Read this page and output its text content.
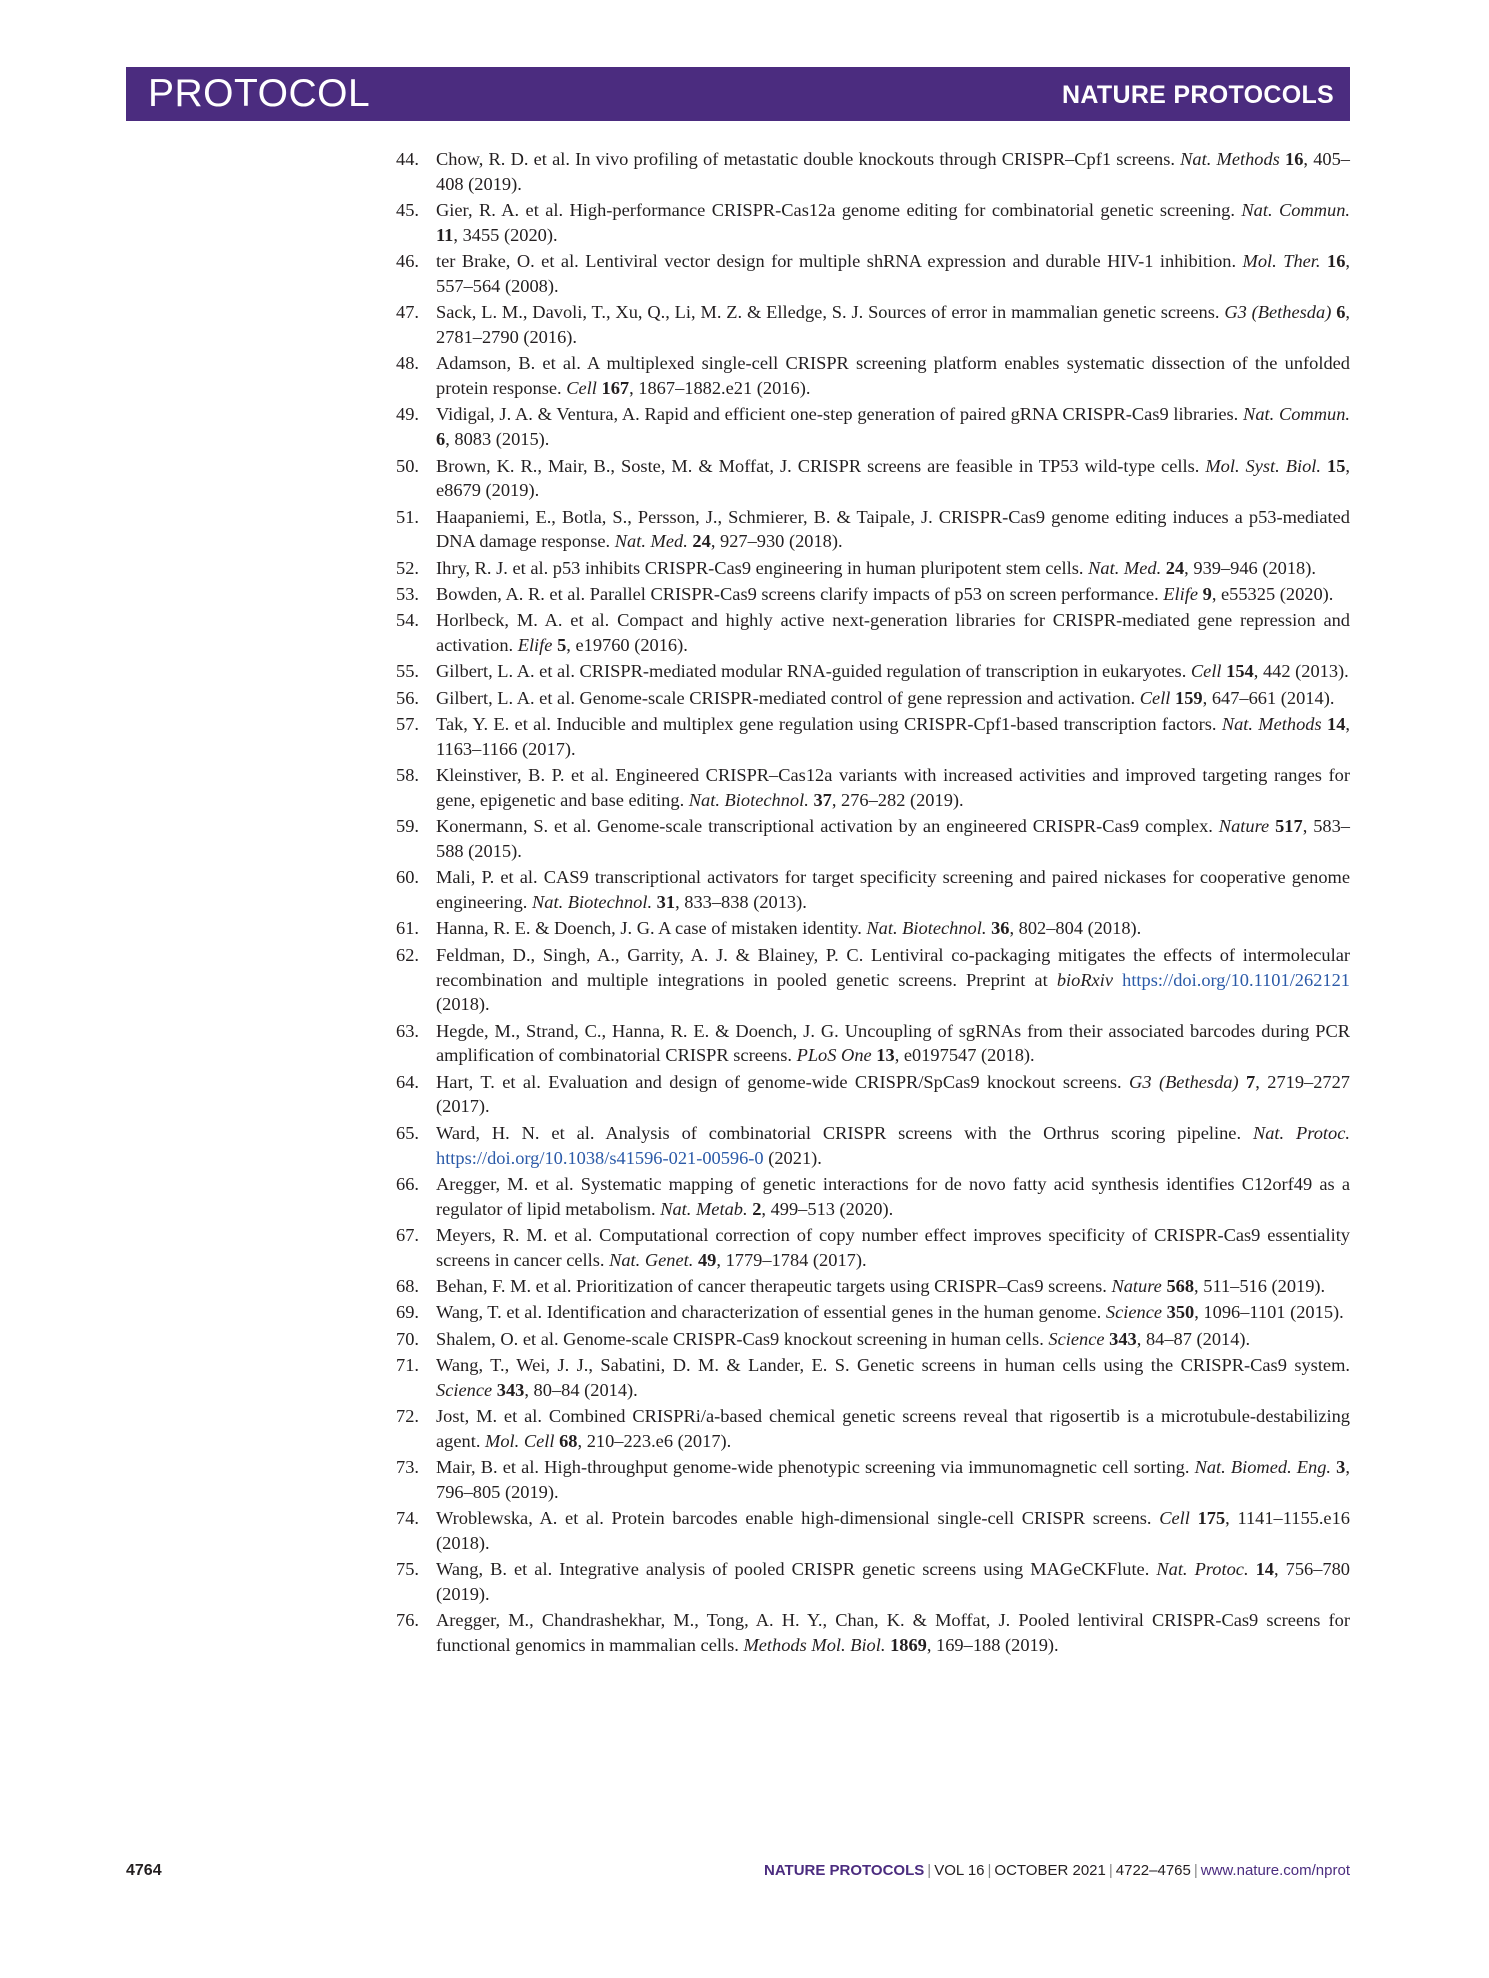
PROTOCOL	NATURE PROTOCOLS
44. Chow, R. D. et al. In vivo profiling of metastatic double knockouts through CRISPR–Cpf1 screens. Nat. Methods 16, 405–408 (2019).
45. Gier, R. A. et al. High-performance CRISPR-Cas12a genome editing for combinatorial genetic screening. Nat. Commun. 11, 3455 (2020).
46. ter Brake, O. et al. Lentiviral vector design for multiple shRNA expression and durable HIV-1 inhibition. Mol. Ther. 16, 557–564 (2008).
47. Sack, L. M., Davoli, T., Xu, Q., Li, M. Z. & Elledge, S. J. Sources of error in mammalian genetic screens. G3 (Bethesda) 6, 2781–2790 (2016).
48. Adamson, B. et al. A multiplexed single-cell CRISPR screening platform enables systematic dissection of the unfolded protein response. Cell 167, 1867–1882.e21 (2016).
49. Vidigal, J. A. & Ventura, A. Rapid and efficient one-step generation of paired gRNA CRISPR-Cas9 libraries. Nat. Commun. 6, 8083 (2015).
50. Brown, K. R., Mair, B., Soste, M. & Moffat, J. CRISPR screens are feasible in TP53 wild-type cells. Mol. Syst. Biol. 15, e8679 (2019).
51. Haapaniemi, E., Botla, S., Persson, J., Schmierer, B. & Taipale, J. CRISPR-Cas9 genome editing induces a p53-mediated DNA damage response. Nat. Med. 24, 927–930 (2018).
52. Ihry, R. J. et al. p53 inhibits CRISPR-Cas9 engineering in human pluripotent stem cells. Nat. Med. 24, 939–946 (2018).
53. Bowden, A. R. et al. Parallel CRISPR-Cas9 screens clarify impacts of p53 on screen performance. Elife 9, e55325 (2020).
54. Horlbeck, M. A. et al. Compact and highly active next-generation libraries for CRISPR-mediated gene repression and activation. Elife 5, e19760 (2016).
55. Gilbert, L. A. et al. CRISPR-mediated modular RNA-guided regulation of transcription in eukaryotes. Cell 154, 442 (2013).
56. Gilbert, L. A. et al. Genome-scale CRISPR-mediated control of gene repression and activation. Cell 159, 647–661 (2014).
57. Tak, Y. E. et al. Inducible and multiplex gene regulation using CRISPR-Cpf1-based transcription factors. Nat. Methods 14, 1163–1166 (2017).
58. Kleinstiver, B. P. et al. Engineered CRISPR–Cas12a variants with increased activities and improved targeting ranges for gene, epigenetic and base editing. Nat. Biotechnol. 37, 276–282 (2019).
59. Konermann, S. et al. Genome-scale transcriptional activation by an engineered CRISPR-Cas9 complex. Nature 517, 583–588 (2015).
60. Mali, P. et al. CAS9 transcriptional activators for target specificity screening and paired nickases for cooperative genome engineering. Nat. Biotechnol. 31, 833–838 (2013).
61. Hanna, R. E. & Doench, J. G. A case of mistaken identity. Nat. Biotechnol. 36, 802–804 (2018).
62. Feldman, D., Singh, A., Garrity, A. J. & Blainey, P. C. Lentiviral co-packaging mitigates the effects of intermolecular recombination and multiple integrations in pooled genetic screens. Preprint at bioRxiv https://doi.org/10.1101/262121 (2018).
63. Hegde, M., Strand, C., Hanna, R. E. & Doench, J. G. Uncoupling of sgRNAs from their associated barcodes during PCR amplification of combinatorial CRISPR screens. PLoS One 13, e0197547 (2018).
64. Hart, T. et al. Evaluation and design of genome-wide CRISPR/SpCas9 knockout screens. G3 (Bethesda) 7, 2719–2727 (2017).
65. Ward, H. N. et al. Analysis of combinatorial CRISPR screens with the Orthrus scoring pipeline. Nat. Protoc. https://doi.org/10.1038/s41596-021-00596-0 (2021).
66. Aregger, M. et al. Systematic mapping of genetic interactions for de novo fatty acid synthesis identifies C12orf49 as a regulator of lipid metabolism. Nat. Metab. 2, 499–513 (2020).
67. Meyers, R. M. et al. Computational correction of copy number effect improves specificity of CRISPR-Cas9 essentiality screens in cancer cells. Nat. Genet. 49, 1779–1784 (2017).
68. Behan, F. M. et al. Prioritization of cancer therapeutic targets using CRISPR–Cas9 screens. Nature 568, 511–516 (2019).
69. Wang, T. et al. Identification and characterization of essential genes in the human genome. Science 350, 1096–1101 (2015).
70. Shalem, O. et al. Genome-scale CRISPR-Cas9 knockout screening in human cells. Science 343, 84–87 (2014).
71. Wang, T., Wei, J. J., Sabatini, D. M. & Lander, E. S. Genetic screens in human cells using the CRISPR-Cas9 system. Science 343, 80–84 (2014).
72. Jost, M. et al. Combined CRISPRi/a-based chemical genetic screens reveal that rigosertib is a microtubule-destabilizing agent. Mol. Cell 68, 210–223.e6 (2017).
73. Mair, B. et al. High-throughput genome-wide phenotypic screening via immunomagnetic cell sorting. Nat. Biomed. Eng. 3, 796–805 (2019).
74. Wroblewska, A. et al. Protein barcodes enable high-dimensional single-cell CRISPR screens. Cell 175, 1141–1155.e16 (2018).
75. Wang, B. et al. Integrative analysis of pooled CRISPR genetic screens using MAGeCKFlute. Nat. Protoc. 14, 756–780 (2019).
76. Aregger, M., Chandrashekhar, M., Tong, A. H. Y., Chan, K. & Moffat, J. Pooled lentiviral CRISPR-Cas9 screens for functional genomics in mammalian cells. Methods Mol. Biol. 1869, 169–188 (2019).
4764	NATURE PROTOCOLS | VOL 16 | OCTOBER 2021 | 4722–4765 | www.nature.com/nprot
